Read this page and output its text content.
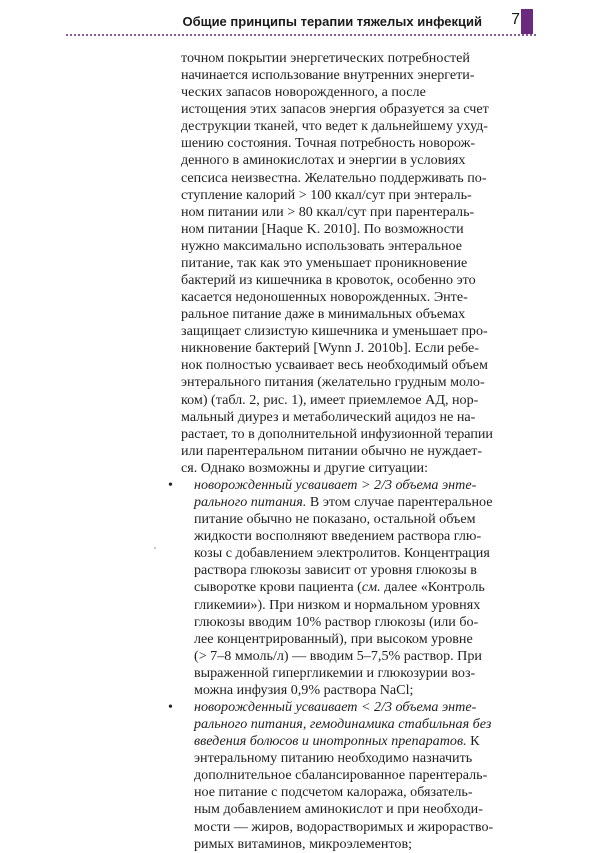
Общие принципы терапии тяжелых инфекций 7
точном покрытии энергетических потребностей
начинается использование внутренних энергети-
ческих запасов новорожденного, а после
истощения этих запасов энергия образуется за счет
деструкции тканей, что ведет к дальнейшему ухуд-
шению состояния. Точная потребность новорож-
денного в аминокислотах и энергии в условиях
сепсиса неизвестна. Желательно поддерживать по-
ступление калорий > 100 ккал/сут при энтераль-
ном питании или > 80 ккал/сут при парентераль-
ном питании [Haque K. 2010]. По возможности
нужно максимально использовать энтеральное
питание, так как это уменьшает проникновение
бактерий из кишечника в кровоток, особенно это
касается недоношенных новорожденных. Энте-
ральное питание даже в минимальных объемах
защищает слизистую кишечника и уменьшает про-
никновение бактерий [Wynn J. 2010b]. Если ребе-
нок полностью усваивает весь необходимый объем
энтерального питания (желательно грудным моло-
ком) (табл. 2, рис. 1), имеет приемлемое АД, нор-
мальный диурез и метаболический ацидоз не на-
растает, то в дополнительной инфузионной терапии
или парентеральном питании обычно не нуждает-
ся. Однако возможны и другие ситуации:
• новорожденный усваивает > 2/3 объема энте-
рального питания. В этом случае парентеральное
питание обычно не показано, остальной объем
жидкости восполняют введением раствора глю-
козы с добавлением электролитов. Концентрация
раствора глюкозы зависит от уровня глюкозы в
сыворотке крови пациента (см. далее «Контроль
гликемии»). При низком и нормальном уровнях
глюкозы вводим 10% раствор глюкозы (или бо-
лее концентрированный), при высоком уровне
(> 7–8 ммоль/л) — вводим 5–7,5% раствор. При
выраженной гипергликемии и глюкозурии воз-
можна инфузия 0,9% раствора NaCl;
• новорожденный усваивает < 2/3 объема энте-
рального питания, гемодинамика стабильная без
введения болюсов и инотропных препаратов. К
энтеральному питанию необходимо назначить
дополнительное сбалансированное парентераль-
ное питание с подсчетом калоража, обязатель-
ным добавлением аминокислот и при необходи-
мости — жиров, водорастворимых и жирораство-
римых витаминов, микроэлементов;
